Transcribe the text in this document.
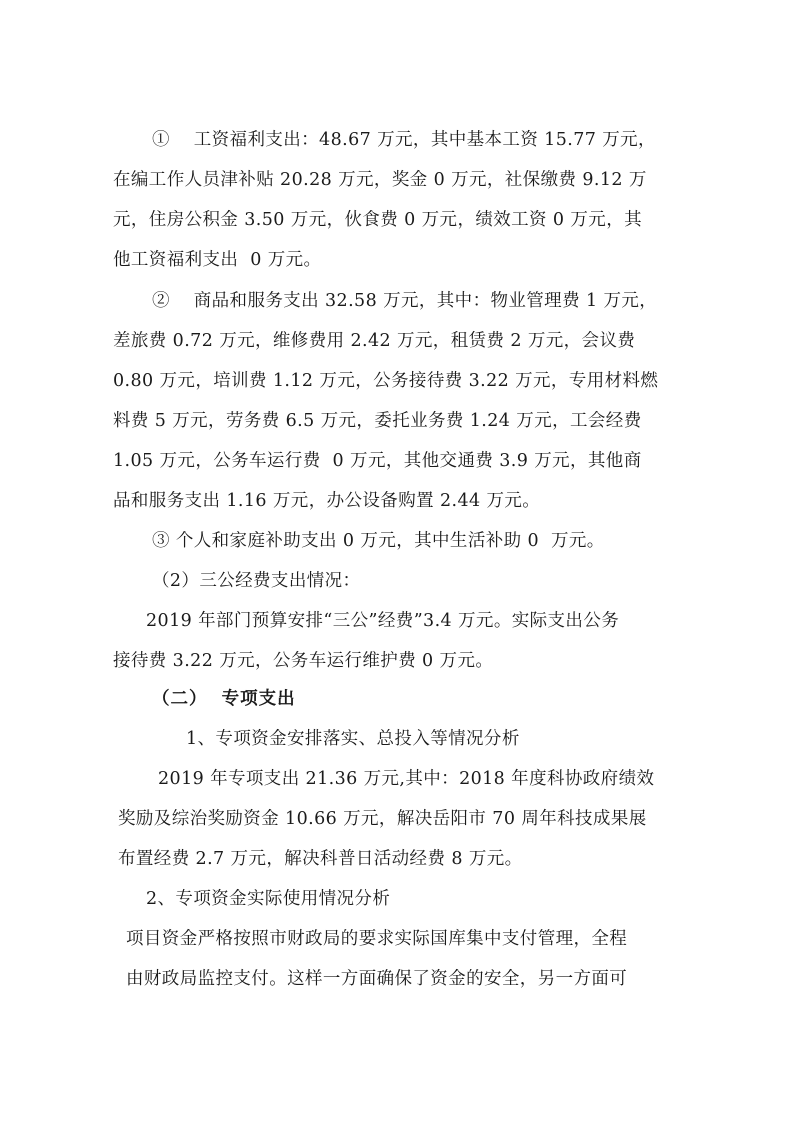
①　 工资福利支出：48.67 万元，其中基本工资 15.77 万元，
在编工作人员津补贴 20.28 万元，奖金 0 万元，社保缴费 9.12 万
元，住房公积金 3.50 万元，伙食费 0 万元，绩效工资 0 万元，其
他工资福利支出  0 万元。
②　 商品和服务支出 32.58 万元，其中：物业管理费 1 万元，
差旅费 0.72 万元，维修费用 2.42 万元，租赁费 2 万元，会议费
0.80 万元，培训费 1.12 万元，公务接待费 3.22 万元，专用材料燃
料费 5 万元，劳务费 6.5 万元，委托业务费 1.24 万元，工会经费
1.05 万元，公务车运行费  0 万元，其他交通费 3.9 万元，其他商
品和服务支出 1.16 万元，办公设备购置 2.44 万元。
③ 个人和家庭补助支出 0 万元，其中生活补助 0  万元。
（2）三公经费支出情况：
2019 年部门预算安排“三公”经费”3.4 万元。实际支出公务
接待费 3.22 万元，公务车运行维护费 0 万元。
（二）  专项支出
1、专项资金安排落实、总投入等情况分析
2019 年专项支出 21.36 万元,其中：2018 年度科协政府绩效
奖励及综治奖励资金 10.66 万元，解决岳阳市 70 周年科技成果展
布置经费 2.7 万元，解决科普日活动经费 8 万元。
2、专项资金实际使用情况分析
项目资金严格按照市财政局的要求实际国库集中支付管理，全程
由财政局监控支付。这样一方面确保了资金的安全，另一方面可
